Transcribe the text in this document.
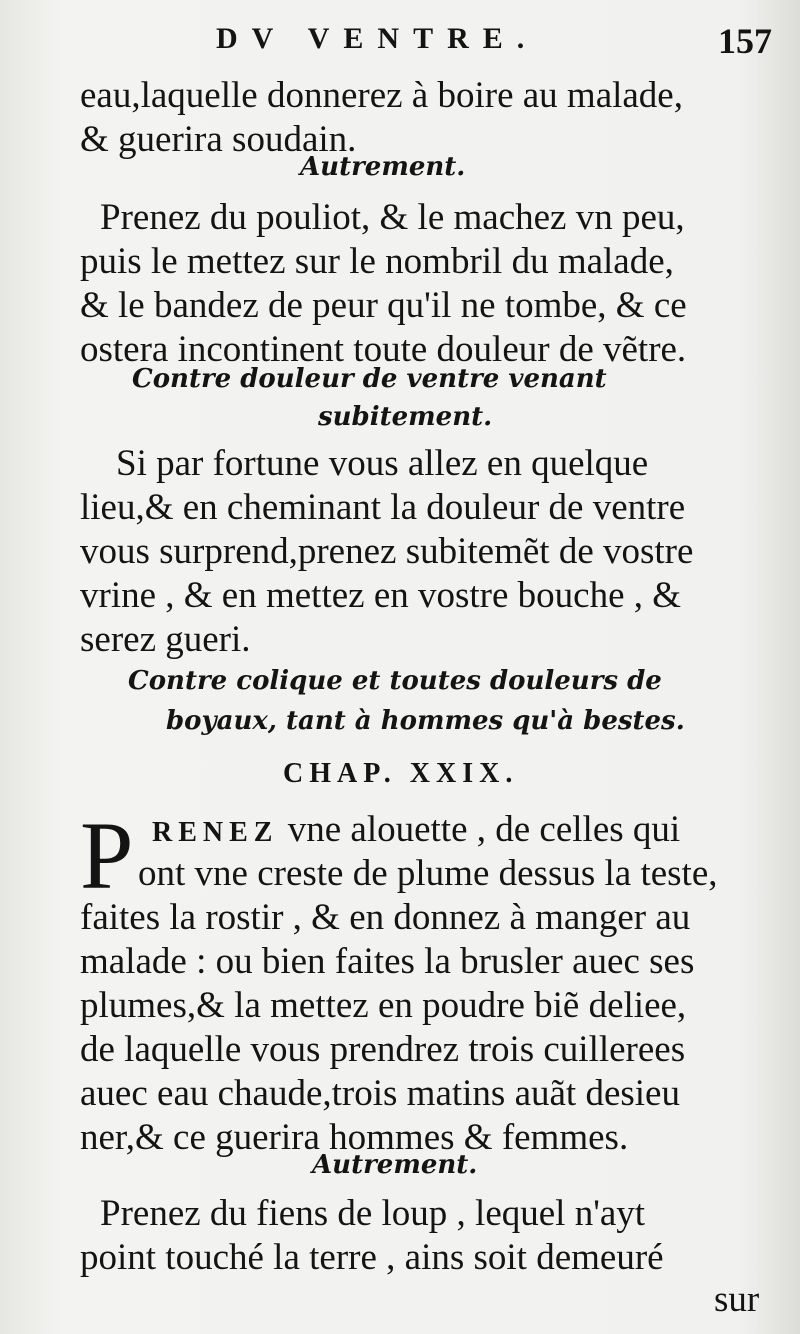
DV VENTRE.	157
eau,laquelle donnerez à boire au malade,
& guerira soudain.
Autrement.
Prenez du pouliot, & le machez vn peu,
puis le mettez sur le nombril du malade,
& le bandez de peur qu'il ne tombe, & ce
ostera incontinent toute douleur de vẽtre.
Contre douleur de ventre venant
subitement.
Si par fortune vous allez en quelque
lieu,& en cheminant la douleur de ventre
vous surprend,prenez subitemẽt de vostre
vrine , & en mettez en vostre bouche , &
serez gueri.
Contre colique et toutes douleurs de
boyaux, tant à hommes qu'à bestes.
CHAP. XXIX.
P RENEZ vne alouette , de celles qui
ont vne creste de plume dessus la teste,
faites la rostir , & en donnez à manger au
malade : ou bien faites la brusler auec ses
plumes,& la mettez en poudre biẽ deliee,
de laquelle vous prendrez trois cuillerees
auec eau chaude,trois matins auãt desieu
ner,& ce guerira hommes & femmes.
Autrement.
Prenez du fiens de loup , lequel n'ayt
point touché la terre , ains soit demeuré
sur
